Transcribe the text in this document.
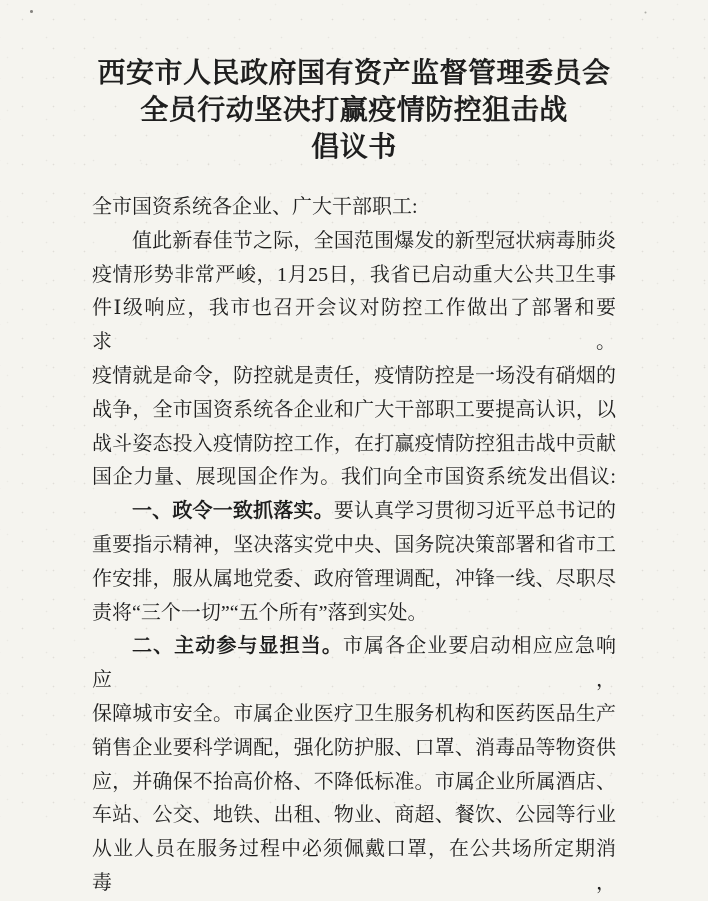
西安市人民政府国有资产监督管理委员会
全员行动坚决打赢疫情防控狙击战
倡议书
全市国资系统各企业、广大干部职工:
值此新春佳节之际，全国范围爆发的新型冠状病毒肺炎
疫情形势非常严峻，1月25日，我省已启动重大公共卫生事
件Ⅰ级响应，我市也召开会议对防控工作做出了部署和要求。
疫情就是命令，防控就是责任，疫情防控是一场没有硝烟的
战争，全市国资系统各企业和广大干部职工要提高认识，以
战斗姿态投入疫情防控工作，在打赢疫情防控狙击战中贡献
国企力量、展现国企作为。我们向全市国资系统发出倡议:
一、政令一致抓落实。要认真学习贯彻习近平总书记的
重要指示精神，坚决落实党中央、国务院决策部署和省市工
作安排，服从属地党委、政府管理调配，冲锋一线、尽职尽
责将“三个一切”“五个所有”落到实处。
二、主动参与显担当。市属各企业要启动相应应急响应，
保障城市安全。市属企业医疗卫生服务机构和医药医品生产
销售企业要科学调配，强化防护服、口罩、消毒品等物资供
应，并确保不抬高价格、不降低标准。市属企业所属酒店、
车站、公交、地铁、出租、物业、商超、餐饮、公园等行业
从业人员在服务过程中必须佩戴口罩，在公共场所定期消毒，
